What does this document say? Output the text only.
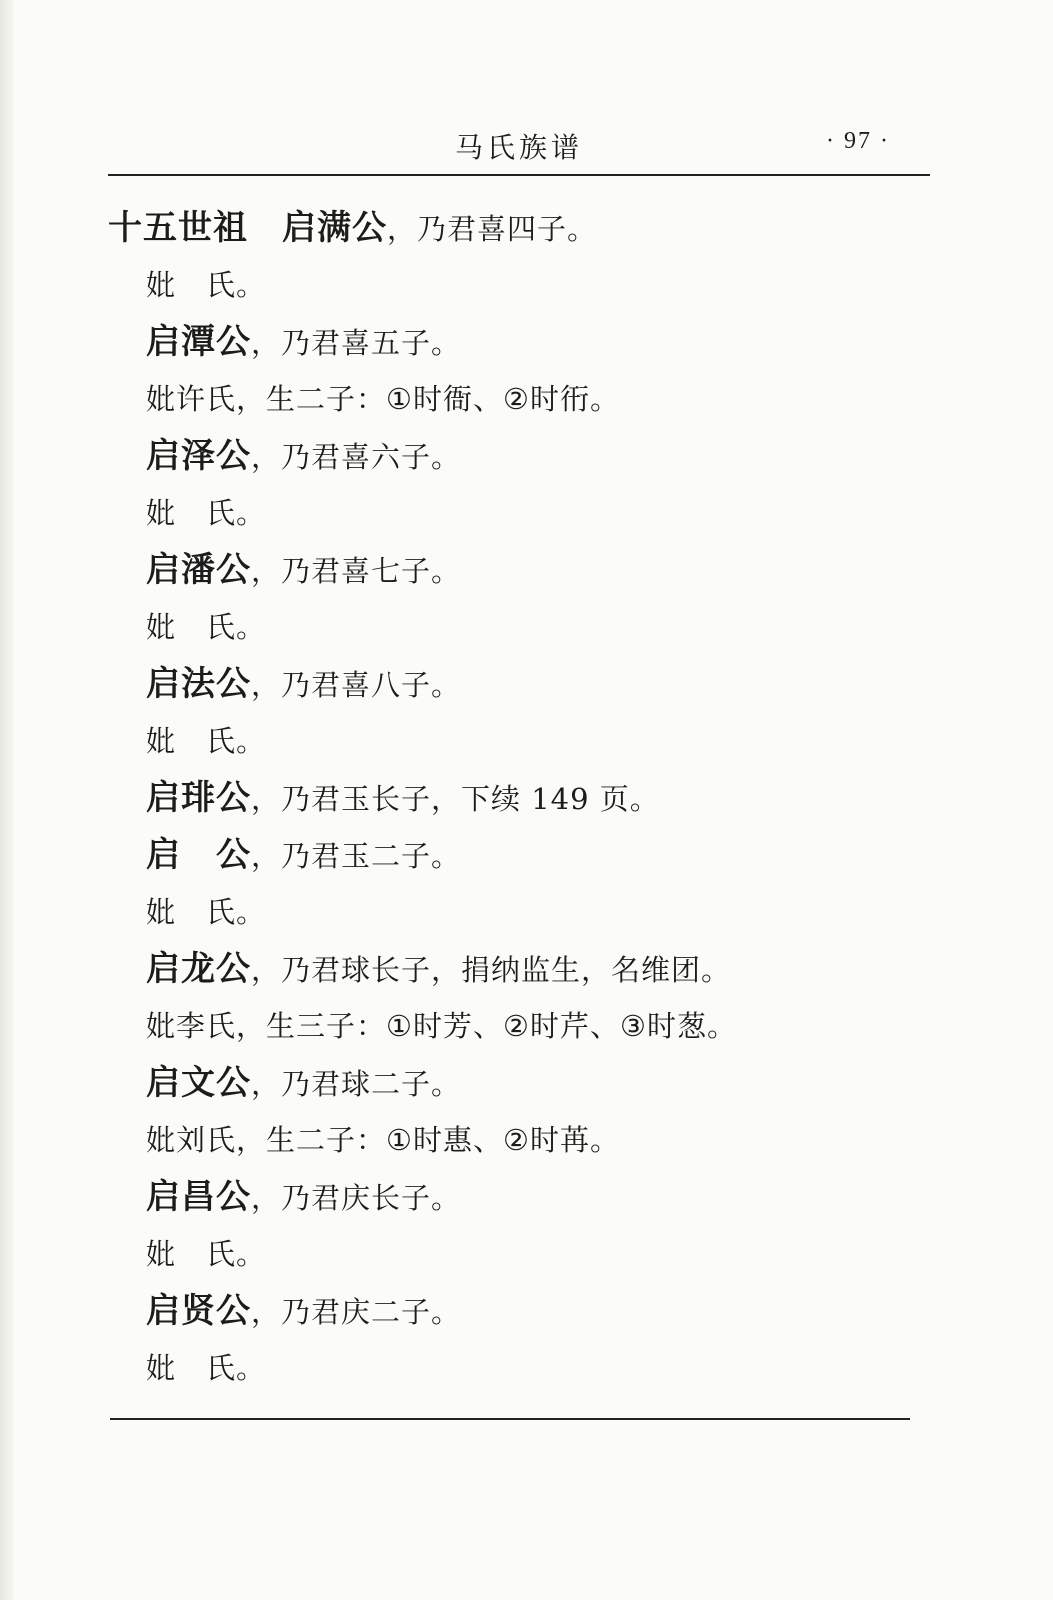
马氏族谱	· 97 ·
十五世祖 启满公，乃君喜四子。
妣　氏。
启潭公，乃君喜五子。
妣许氏，生二子：①时衙、②时衎。
启泽公，乃君喜六子。
妣　氏。
启潘公，乃君喜七子。
妣　氏。
启法公，乃君喜八子。
妣　氏。
启琲公，乃君玉长子，下续 149 页。
启　公，乃君玉二子。
妣　氏。
启龙公，乃君球长子，捐纳监生，名维团。
妣李氏，生三子：①时芳、②时芹、③时葱。
启文公，乃君球二子。
妣刘氏，生二子：①时惠、②时苒。
启昌公，乃君庆长子。
妣　氏。
启贤公，乃君庆二子。
妣　氏。
